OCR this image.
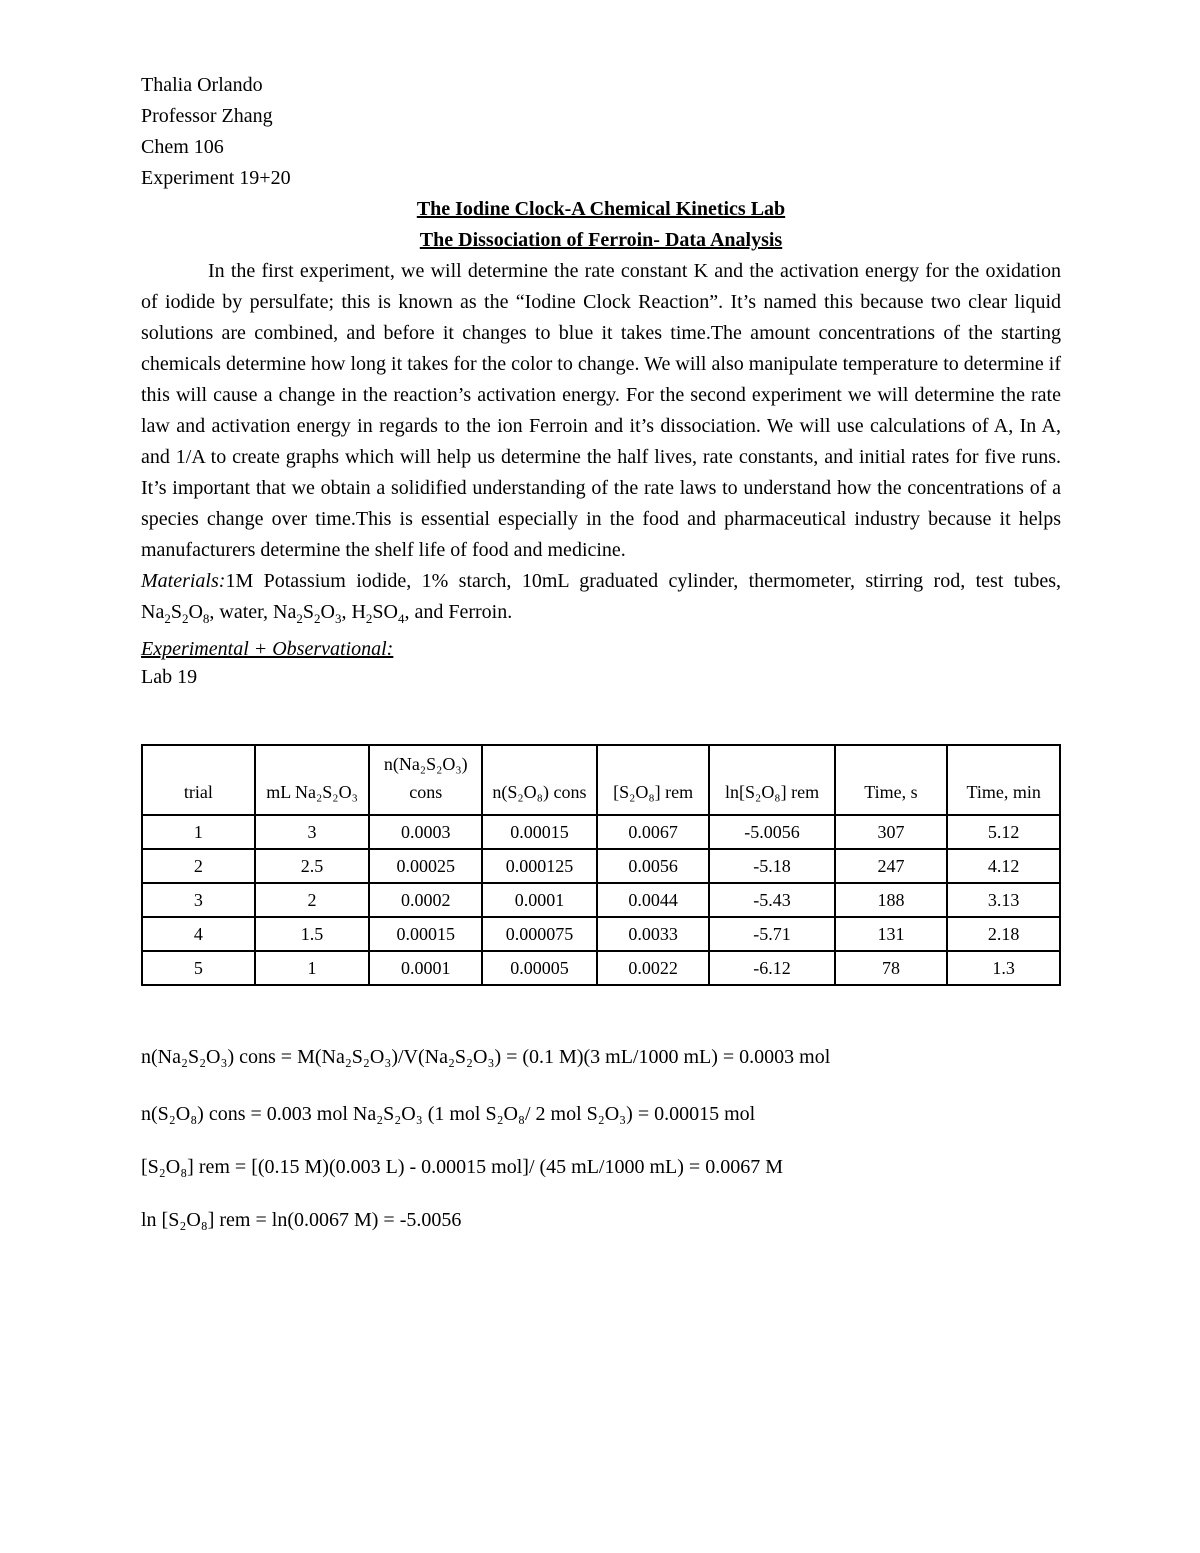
Thalia Orlando
Professor Zhang
Chem 106
Experiment 19+20
The Iodine Clock-A Chemical Kinetics Lab
The Dissociation of Ferroin- Data Analysis
In the first experiment, we will determine the rate constant K and the activation energy for the oxidation of iodide by persulfate; this is known as the “Iodine Clock Reaction”. It’s named this because two clear liquid solutions are combined, and before it changes to blue it takes time.The amount concentrations of the starting chemicals determine how long it takes for the color to change. We will also manipulate temperature to determine if this will cause a change in the reaction’s activation energy. For the second experiment we will determine the rate law and activation energy in regards to the ion Ferroin and it’s dissociation. We will use calculations of A, In A, and 1/A to create graphs which will help us determine the half lives, rate constants, and initial rates for five runs. It’s important that we obtain a solidified understanding of the rate laws to understand how the concentrations of a species change over time.This is essential especially in the food and pharmaceutical industry because it helps manufacturers determine the shelf life of food and medicine.
Materials:1M Potassium iodide, 1% starch, 10mL graduated cylinder, thermometer, stirring rod, test tubes, $Na_2S_2O_8$, water, $Na_2S_2O_3$, $H_2SO_4$, and Ferroin.
Experimental + Observational:
Lab 19
trial	mL Na₂S₂O₃	n(Na₂S₂O₃) cons	n(S₂O₈) cons	[S₂O₈] rem	ln[S₂O₈] rem	Time, s	Time, min
1	3	0.0003	0.00015	0.0067	-5.0056	307	5.12
2	2.5	0.00025	0.000125	0.0056	-5.18	247	4.12
3	2	0.0002	0.0001	0.0044	-5.43	188	3.13
4	1.5	0.00015	0.000075	0.0033	-5.71	131	2.18
5	1	0.0001	0.00005	0.0022	-6.12	78	1.3
n(Na₂S₂O₃) cons = M(Na₂S₂O₃)/V(Na₂S₂O₃) = (0.1 M)(3 mL/1000 mL) = 0.0003 mol
n(S₂O₈) cons = 0.003 mol Na₂S₂O₃ (1 mol S₂O₈/ 2 mol S₂O₃) = 0.00015 mol
[S₂O₈] rem = [(0.15 M)(0.003 L) - 0.00015 mol]/ (45 mL/1000 mL) = 0.0067 M
ln [S₂O₈] rem = ln(0.0067 M) = -5.0056
